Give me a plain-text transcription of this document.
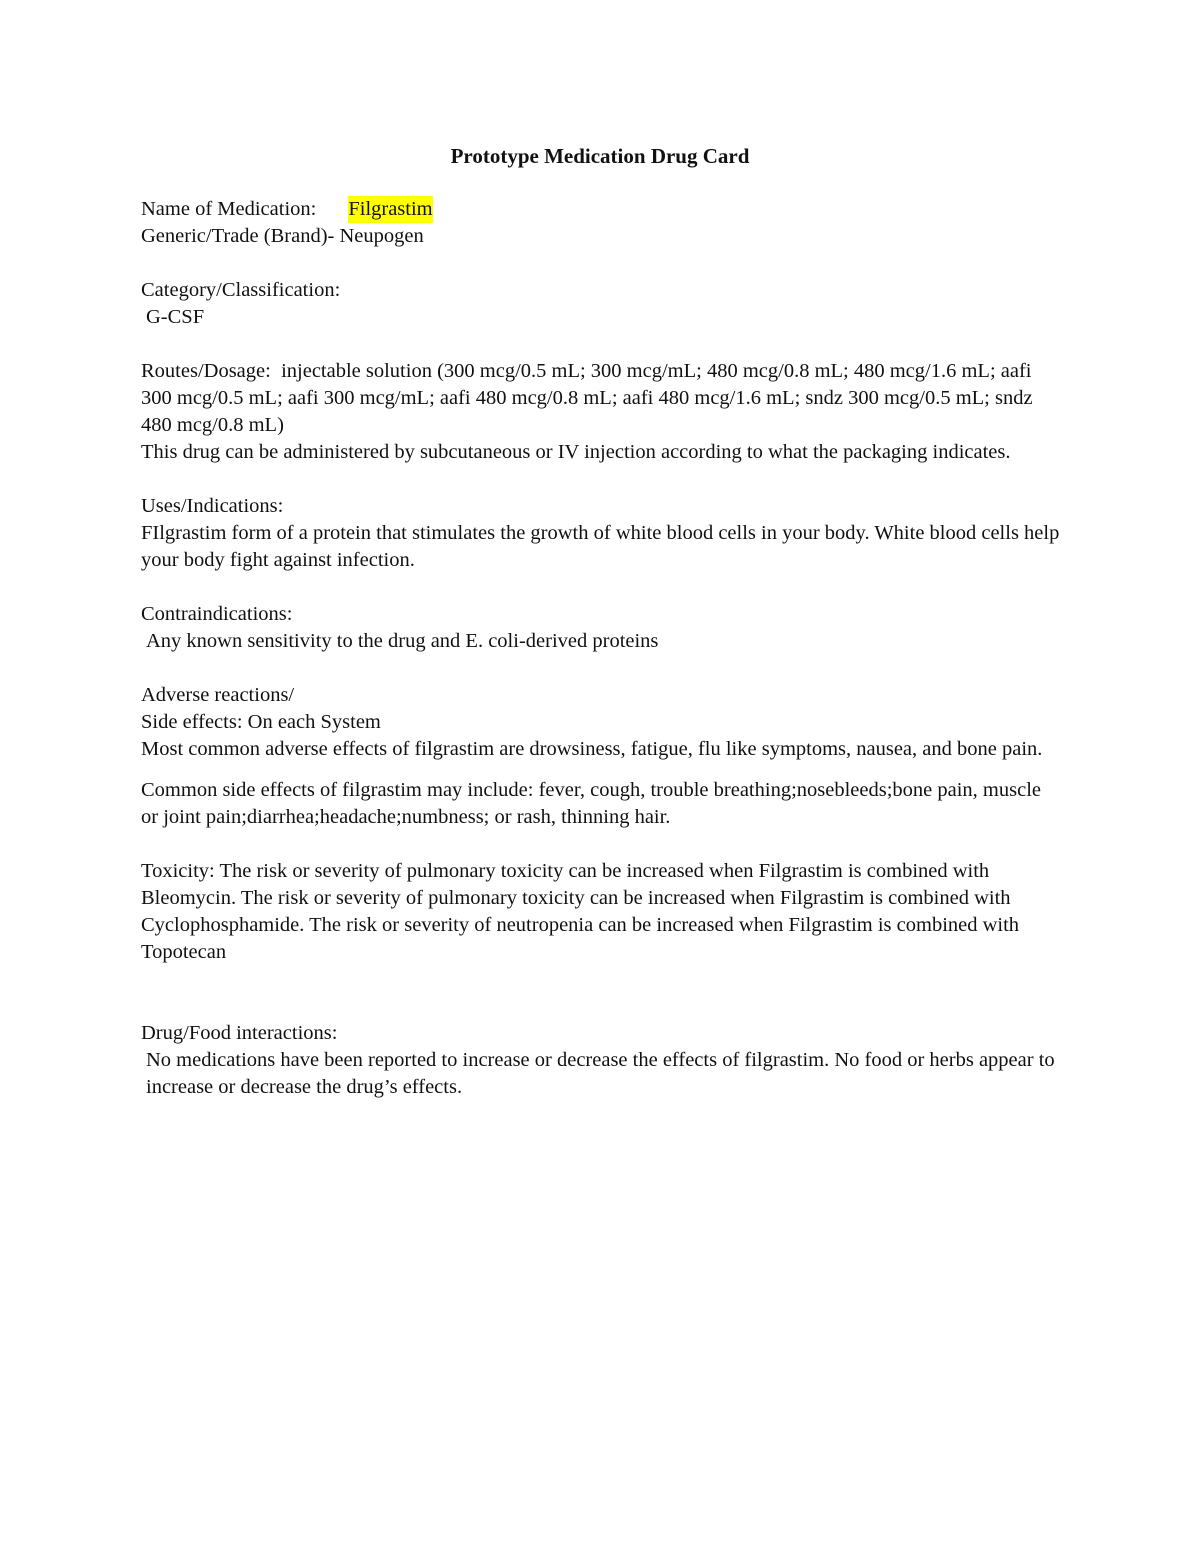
Prototype Medication Drug Card
Name of Medication: Filgrastim
Generic/Trade (Brand)- Neupogen
Category/Classification:
G-CSF
Routes/Dosage: injectable solution (300 mcg/0.5 mL; 300 mcg/mL; 480 mcg/0.8 mL; 480 mcg/1.6 mL; aafi 300 mcg/0.5 mL; aafi 300 mcg/mL; aafi 480 mcg/0.8 mL; aafi 480 mcg/1.6 mL; sndz 300 mcg/0.5 mL; sndz 480 mcg/0.8 mL)
This drug can be administered by subcutaneous or IV injection according to what the packaging indicates.
Uses/Indications:
FIlgrastim form of a protein that stimulates the growth of white blood cells in your body. White blood cells help your body fight against infection.
Contraindications:
Any known sensitivity to the drug and E. coli-derived proteins
Adverse reactions/
Side effects: On each System
Most common adverse effects of filgrastim are drowsiness, fatigue, flu like symptoms, nausea, and bone pain.
Common side effects of filgrastim may include: fever, cough, trouble breathing;nosebleeds;bone pain, muscle or joint pain;diarrhea;headache;numbness; or rash, thinning hair.
Toxicity: The risk or severity of pulmonary toxicity can be increased when Filgrastim is combined with Bleomycin. The risk or severity of pulmonary toxicity can be increased when Filgrastim is combined with Cyclophosphamide. The risk or severity of neutropenia can be increased when Filgrastim is combined with Topotecan
Drug/Food interactions:
No medications have been reported to increase or decrease the effects of filgrastim. No food or herbs appear to increase or decrease the drug’s effects.
